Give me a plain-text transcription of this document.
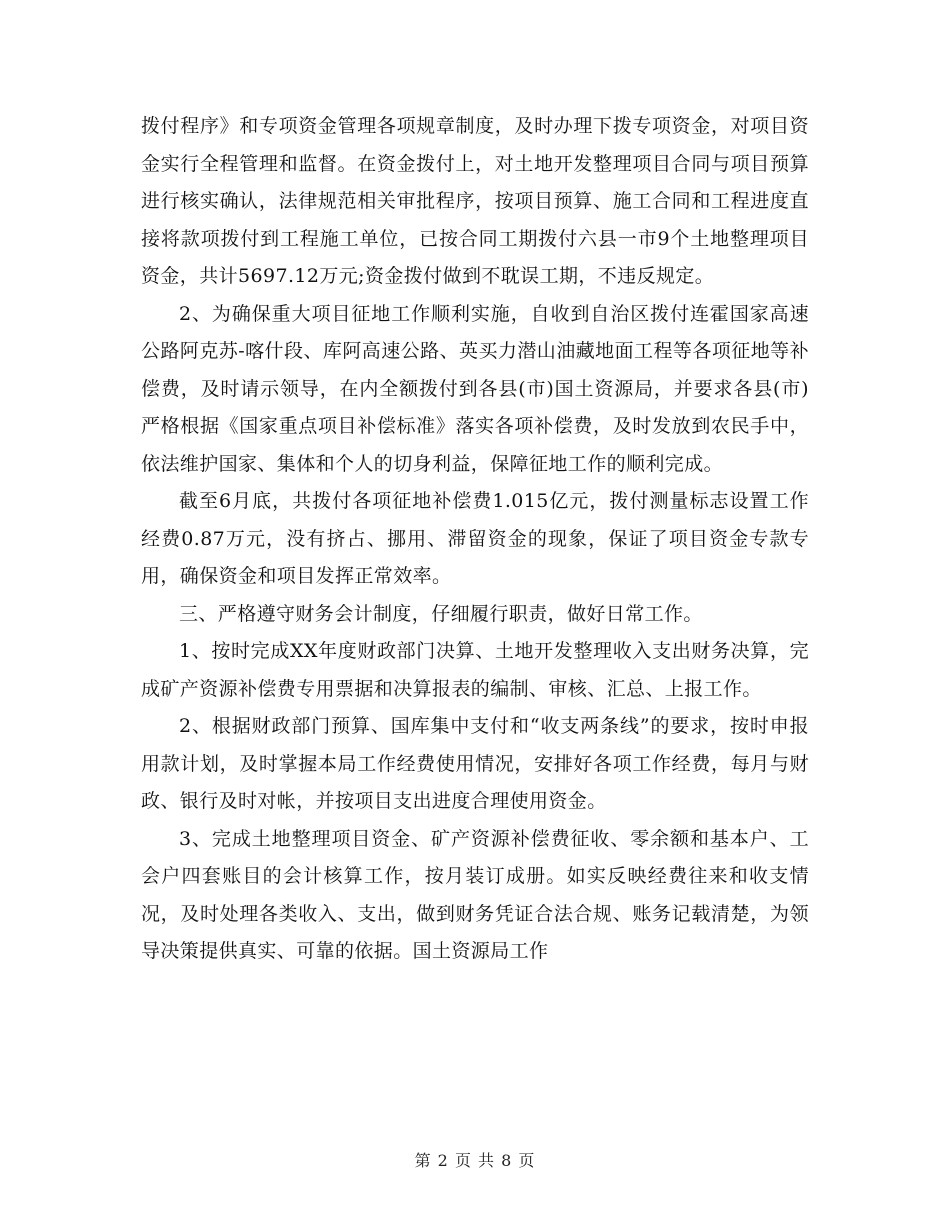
拨付程序》和专项资金管理各项规章制度，及时办理下拨专项资金，对项目资金实行全程管理和监督。在资金拨付上，对土地开发整理项目合同与项目预算进行核实确认，法律规范相关审批程序，按项目预算、施工合同和工程进度直接将款项拨付到工程施工单位，已按合同工期拨付六县一市9个土地整理项目资金，共计5697.12万元;资金拨付做到不耽误工期，不违反规定。

2、为确保重大项目征地工作顺利实施，自收到自治区拨付连霍国家高速公路阿克苏-喀什段、库阿高速公路、英买力潜山油藏地面工程等各项征地等补偿费，及时请示领导，在内全额拨付到各县(市)国土资源局，并要求各县(市)严格根据《国家重点项目补偿标准》落实各项补偿费，及时发放到农民手中，依法维护国家、集体和个人的切身利益，保障征地工作的顺利完成。

截至6月底，共拨付各项征地补偿费1.015亿元，拨付测量标志设置工作经费0.87万元，没有挤占、挪用、滞留资金的现象，保证了项目资金专款专用，确保资金和项目发挥正常效率。

三、严格遵守财务会计制度，仔细履行职责，做好日常工作。

1、按时完成XX年度财政部门决算、土地开发整理收入支出财务决算，完成矿产资源补偿费专用票据和决算报表的编制、审核、汇总、上报工作。

2、根据财政部门预算、国库集中支付和“收支两条线”的要求，按时申报用款计划，及时掌握本局工作经费使用情况，安排好各项工作经费，每月与财政、银行及时对帐，并按项目支出进度合理使用资金。

3、完成土地整理项目资金、矿产资源补偿费征收、零余额和基本户、工会户四套账目的会计核算工作，按月装订成册。如实反映经费往来和收支情况，及时处理各类收入、支出，做到财务凭证合法合规、账务记载清楚，为领导决策提供真实、可靠的依据。国土资源局工作

第 2 页 共 8 页
